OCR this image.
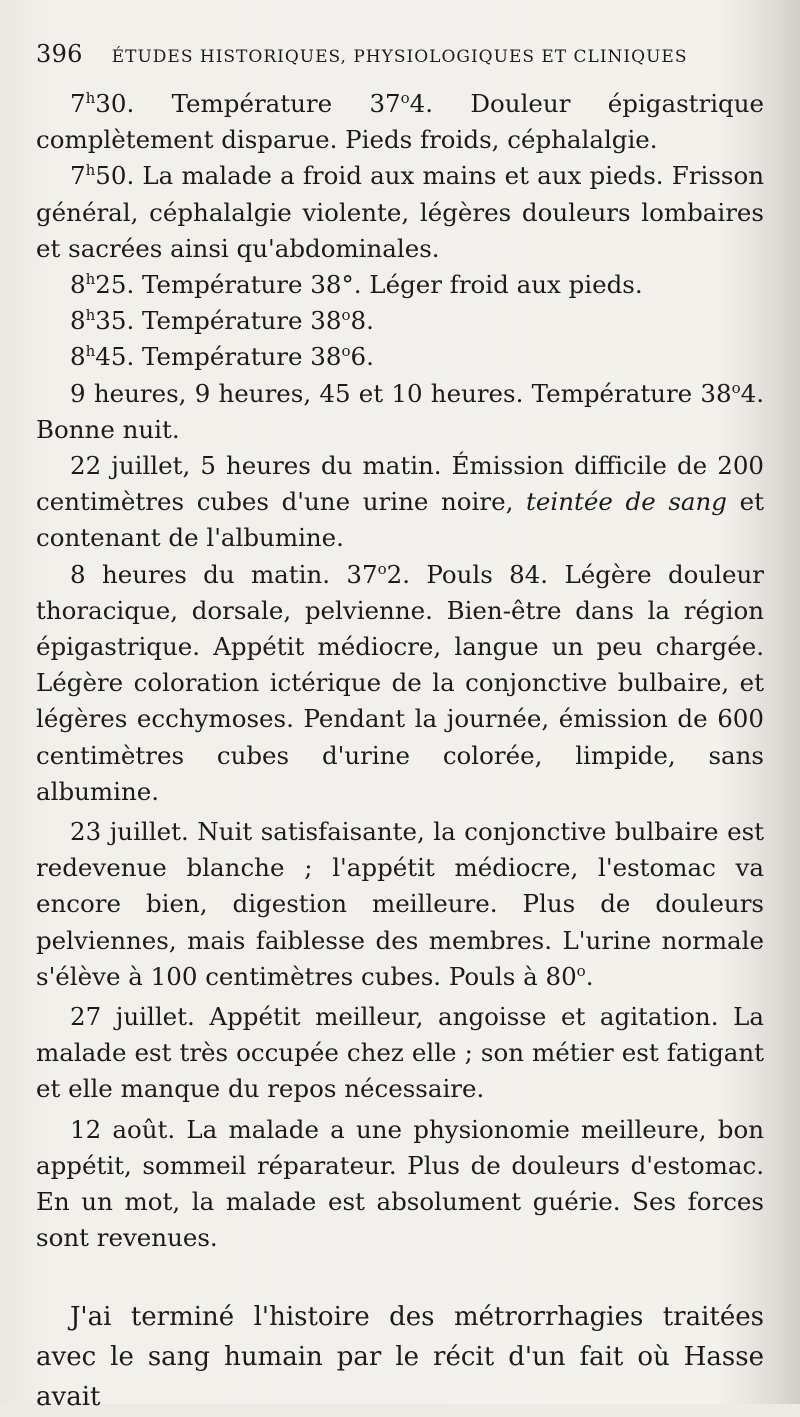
396 ÉTUDES HISTORIQUES, PHYSIOLOGIQUES ET CLINIQUES

7$^h$30. Température 37$^o$4. Douleur épigastrique complètement disparue. Pieds froids, céphalalgie.

7$^h$50. La malade a froid aux mains et aux pieds. Frisson général, céphalalgie violente, légères douleurs lombaires et sacrées ainsi qu'abdominales.

8$^h$25. Température 38°. Léger froid aux pieds.

8$^h$35. Température 38$^o$8.

8$^h$45. Température 38$^o$6.

9 heures, 9 heures, 45 et 10 heures. Température 38$^o$4. Bonne nuit.

22 juillet, 5 heures du matin. Émission difficile de 200 centimètres cubes d'une urine noire, teintée de sang et contenant de l'albumine.

8 heures du matin. 37$^o$2. Pouls 84. Légère douleur thoracique, dorsale, pelvienne. Bien-être dans la région épigastrique. Appétit médiocre, langue un peu chargée. Légère coloration ictérique de la conjonctive bulbaire, et légères ecchymoses. Pendant la journée, émission de 600 centimètres cubes d'urine colorée, limpide, sans albumine.

23 juillet. Nuit satisfaisante, la conjonctive bulbaire est redevenue blanche ; l'appétit médiocre, l'estomac va encore bien, digestion meilleure. Plus de douleurs pelviennes, mais faiblesse des membres. L'urine normale s'élève à 100 centimètres cubes. Pouls à 80$^o$.

27 juillet. Appétit meilleur, angoisse et agitation. La malade est très occupée chez elle ; son métier est fatigant et elle manque du repos nécessaire.

12 août. La malade a une physionomie meilleure, bon appétit, sommeil réparateur. Plus de douleurs d'estomac. En un mot, la malade est absolument guérie. Ses forces sont revenues.

J'ai terminé l'histoire des métrorrhagies traitées avec le sang humain par le récit d'un fait où Hasse avait
